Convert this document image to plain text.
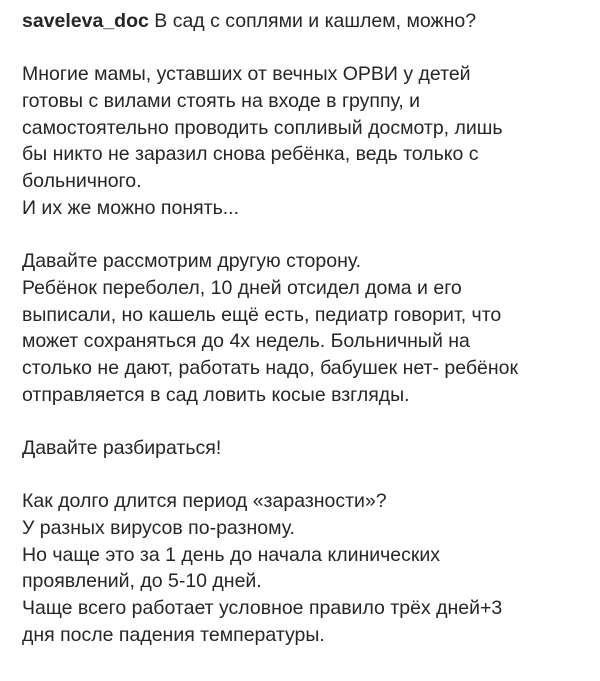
saveleva_doc В сад с соплями и кашлем, можно?
Многие мамы, уставших от вечных ОРВИ у детей
готовы с вилами стоять на входе в группу, и
самостоятельно проводить сопливый досмотр, лишь
бы никто не заразил снова ребёнка, ведь только с
больничного.
И их же можно понять...
Давайте рассмотрим другую сторону.
Ребёнок переболел, 10 дней отсидел дома и его
выписали, но кашель ещё есть, педиатр говорит, что
может сохраняться до 4х недель. Больничный на
столько не дают, работать надо, бабушек нет- ребёнок
отправляется в сад ловить косые взгляды.
Давайте разбираться!
Как долго длится период «заразности»?
У разных вирусов по-разному.
Но чаще это за 1 день до начала клинических
проявлений, до 5-10 дней.
Чаще всего работает условное правило трёх дней+3
дня после падения температуры.
